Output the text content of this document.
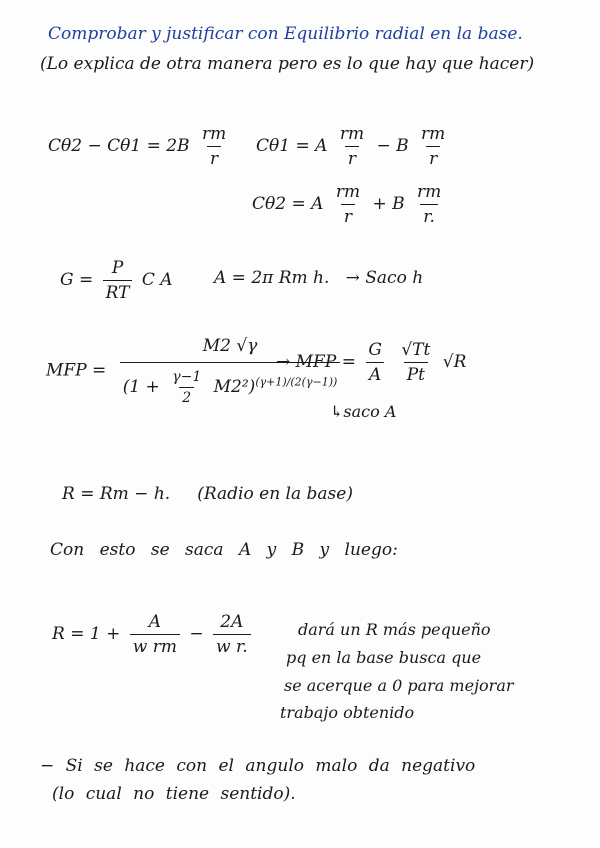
Comprobar y justificar con Equilibrio radial en la base.
(Lo explica de otra manera pero es lo que hay que hacer)
$C\theta 2 - C\theta 1 = 2B \frac{rm}{r} C\theta 1 = A \frac{rm}{r} - B \frac{rm}{r}$
Cθ2 = A $\frac{rm}{r} + B \frac{rm}{r.}$
$G = \frac{P}{RT}$ C A A = 2π Rm h. → Saco h
MFP =
M2 √γ
$(1 + \frac{\gamma-1}{2} M2^2)^{(\gamma+1)/(2(\gamma-1))}$
→ MFP = $\frac{G}{A}$
$\frac{√Tt}{Pt} √R$
↳saco A
R = Rm − h. (Radio en la base)
Con esto se saca A y B y luego:
$R = 1 + \frac{A}{\text{w rm}} - \frac{2A}{\text{w r.}}$	dará un R más pequeño
pq en la base busca que
se acerque a 0 para mejorar
trabajo obtenido
− Si se hace con el angulo malo da negativo
(lo cual no tiene sentido).
